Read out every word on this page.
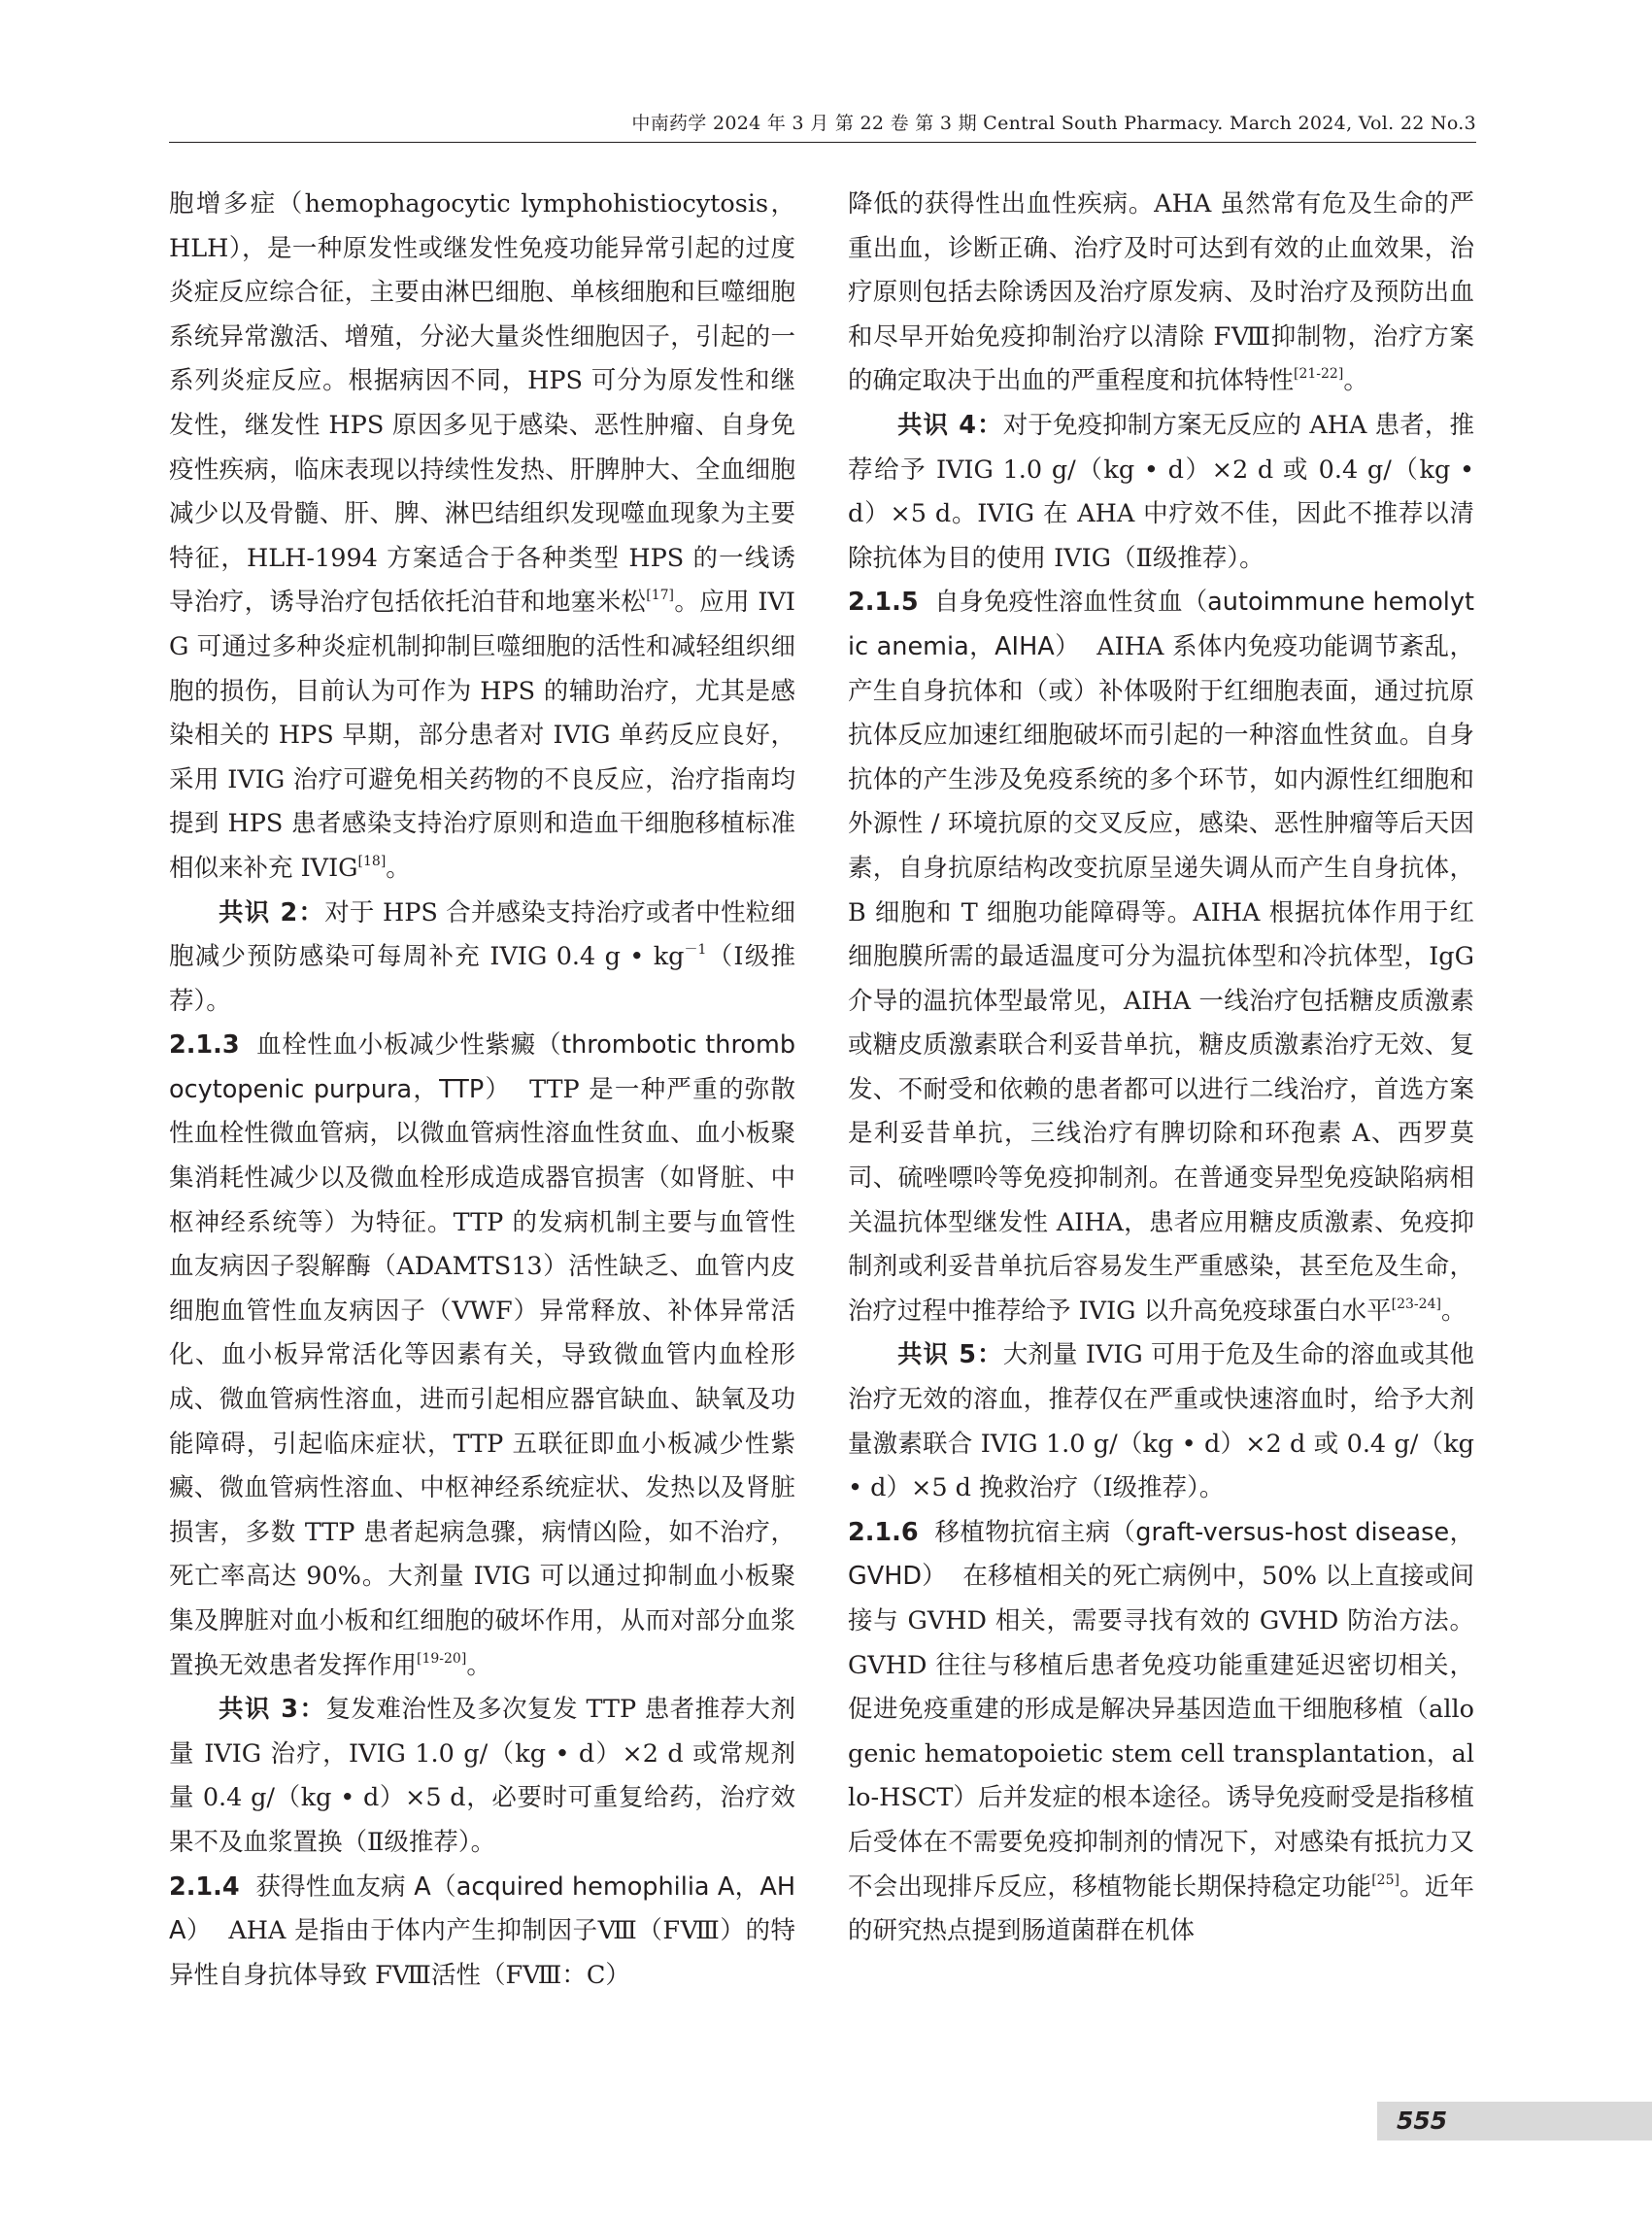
中南药学 2024 年 3 月 第 22 卷 第 3 期 Central South Pharmacy. March 2024, Vol. 22 No.3

胞增多症（hemophagocytic lymphohistiocytosis，HLH），是一种原发性或继发性免疫功能异常引起的过度炎症反应综合征，主要由淋巴细胞、单核细胞和巨噬细胞系统异常激活、增殖，分泌大量炎性细胞因子，引起的一系列炎症反应。根据病因不同，HPS 可分为原发性和继发性，继发性 HPS 原因多见于感染、恶性肿瘤、自身免疫性疾病，临床表现以持续性发热、肝脾肿大、全血细胞减少以及骨髓、肝、脾、淋巴结组织发现噬血现象为主要特征，HLH-1994 方案适合于各种类型 HPS 的一线诱导治疗，诱导治疗包括依托泊苷和地塞米松[17]。应用 IVIG 可通过多种炎症机制抑制巨噬细胞的活性和减轻组织细胞的损伤，目前认为可作为 HPS 的辅助治疗，尤其是感染相关的 HPS 早期，部分患者对 IVIG 单药反应良好，采用 IVIG 治疗可避免相关药物的不良反应，治疗指南均提到 HPS 患者感染支持治疗原则和造血干细胞移植标准相似来补充 IVIG[18]。

共识 2：对于 HPS 合并感染支持治疗或者中性粒细胞减少预防感染可每周补充 IVIG 0.4 g • $kg^{-1}(Ⅰ$级推荐）。

2.1.3 血栓性血小板减少性紫癜（thrombotic thrombocytopenic purpura，TTP） TTP 是一种严重的弥散性血栓性微血管病，以微血管病性溶血性贫血、血小板聚集消耗性减少以及微血栓形成造成器官损害（如肾脏、中枢神经系统等）为特征。TTP 的发病机制主要与血管性血友病因子裂解酶（ADAMTS13）活性缺乏、血管内皮细胞血管性血友病因子（VWF）异常释放、补体异常活化、血小板异常活化等因素有关，导致微血管内血栓形成、微血管病性溶血，进而引起相应器官缺血、缺氧及功能障碍，引起临床症状，TTP 五联征即血小板减少性紫癜、微血管病性溶血、中枢神经系统症状、发热以及肾脏损害，多数 TTP 患者起病急骤，病情凶险，如不治疗，死亡率高达 90%。大剂量 IVIG 可以通过抑制血小板聚集及脾脏对血小板和红细胞的破坏作用，从而对部分血浆置换无效患者发挥作用[19-20]。

共识 3：复发难治性及多次复发 TTP 患者推荐大剂量 IVIG 治疗，IVIG 1.0 g/（kg • d）×2 d 或常规剂量 0.4 g/（kg • d）×5 d，必要时可重复给药，治疗效果不及血浆置换（Ⅱ级推荐）。

2.1.4 获得性血友病 A（acquired hemophilia A，AHA） AHA 是指由于体内产生抑制因子Ⅷ（FⅧ）的特异性自身抗体导致 FⅧ活性（FⅧ：C）

降低的获得性出血性疾病。AHA 虽然常有危及生命的严重出血，诊断正确、治疗及时可达到有效的止血效果，治疗原则包括去除诱因及治疗原发病、及时治疗及预防出血和尽早开始免疫抑制治疗以清除 FⅧ抑制物，治疗方案的确定取决于出血的严重程度和抗体特性[21-22]。

共识 4：对于免疫抑制方案无反应的 AHA 患者，推荐给予 IVIG 1.0 g/（kg • d）×2 d 或 0.4 g/（kg • d）×5 d。IVIG 在 AHA 中疗效不佳，因此不推荐以清除抗体为目的使用 IVIG（Ⅱ级推荐）。

2.1.5 自身免疫性溶血性贫血（autoimmune hemolytic anemia，AIHA） AIHA 系体内免疫功能调节紊乱，产生自身抗体和（或）补体吸附于红细胞表面，通过抗原抗体反应加速红细胞破坏而引起的一种溶血性贫血。自身抗体的产生涉及免疫系统的多个环节，如内源性红细胞和外源性 / 环境抗原的交叉反应，感染、恶性肿瘤等后天因素，自身抗原结构改变抗原呈递失调从而产生自身抗体，B 细胞和 T 细胞功能障碍等。AIHA 根据抗体作用于红细胞膜所需的最适温度可分为温抗体型和冷抗体型，IgG 介导的温抗体型最常见，AIHA 一线治疗包括糖皮质激素或糖皮质激素联合利妥昔单抗，糖皮质激素治疗无效、复发、不耐受和依赖的患者都可以进行二线治疗，首选方案是利妥昔单抗，三线治疗有脾切除和环孢素 A、西罗莫司、硫唑嘌呤等免疫抑制剂。在普通变异型免疫缺陷病相关温抗体型继发性 AIHA，患者应用糖皮质激素、免疫抑制剂或利妥昔单抗后容易发生严重感染，甚至危及生命，治疗过程中推荐给予 IVIG 以升高免疫球蛋白水平[23-24]。

共识 5：大剂量 IVIG 可用于危及生命的溶血或其他治疗无效的溶血，推荐仅在严重或快速溶血时，给予大剂量激素联合 IVIG 1.0 g/（kg • d）×2 d 或 0.4 g/（kg • d）×5 d 挽救治疗（Ⅰ级推荐）。

2.1.6 移植物抗宿主病（graft-versus-host disease，GVHD） 在移植相关的死亡病例中，50% 以上直接或间接与 GVHD 相关，需要寻找有效的 GVHD 防治方法。GVHD 往往与移植后患者免疫功能重建延迟密切相关，促进免疫重建的形成是解决异基因造血干细胞移植（allogenic hematopoietic stem cell transplantation，allo-HSCT）后并发症的根本途径。诱导免疫耐受是指移植后受体在不需要免疫抑制剂的情况下，对感染有抵抗力又不会出现排斥反应，移植物能长期保持稳定功能[25]。近年的研究热点提到肠道菌群在机体

555
